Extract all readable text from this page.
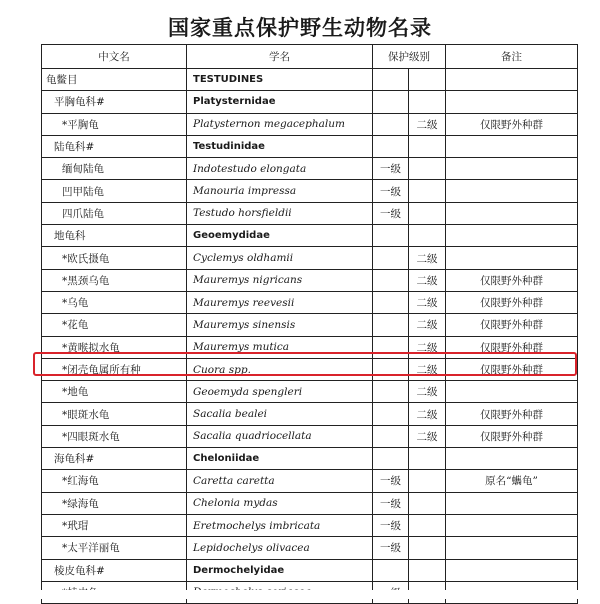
国家重点保护野生动物名录
中文名	学名	保护级别		备注
龟鳖目	TESTUDINES			
平胸龟科#	Platysternidae			
*平胸龟	Platysternon megacephalum		二级	仅限野外种群
陆龟科#	Testudinidae			
缅甸陆龟	Indotestudo elongata	一级		
凹甲陆龟	Manouria impressa	一级		
四爪陆龟	Testudo horsfieldii	一级		
地龟科	Geoemydidae			
*欧氏摄龟	Cyclemys oldhamii		二级	
*黑颈乌龟	Mauremys nigricans		二级	仅限野外种群
*乌龟	Mauremys reevesii		二级	仅限野外种群
*花龟	Mauremys sinensis		二级	仅限野外种群
*黄喉拟水龟	Mauremys mutica		二级	仅限野外种群
*闭壳龟属所有种	Cuora spp.		二级	仅限野外种群
*地龟	Geoemyda spengleri		二级	
*眼斑水龟	Sacalia bealei		二级	仅限野外种群
*四眼斑水龟	Sacalia quadriocellata		二级	仅限野外种群
海龟科#	Cheloniidae			
*红海龟	Caretta caretta	一级		原名“蠵龟”
*绿海龟	Chelonia mydas	一级		
*玳瑁	Eretmochelys imbricata	一级		
*太平洋丽龟	Lepidochelys olivacea	一级		
棱皮龟科#	Dermochelyidae			
